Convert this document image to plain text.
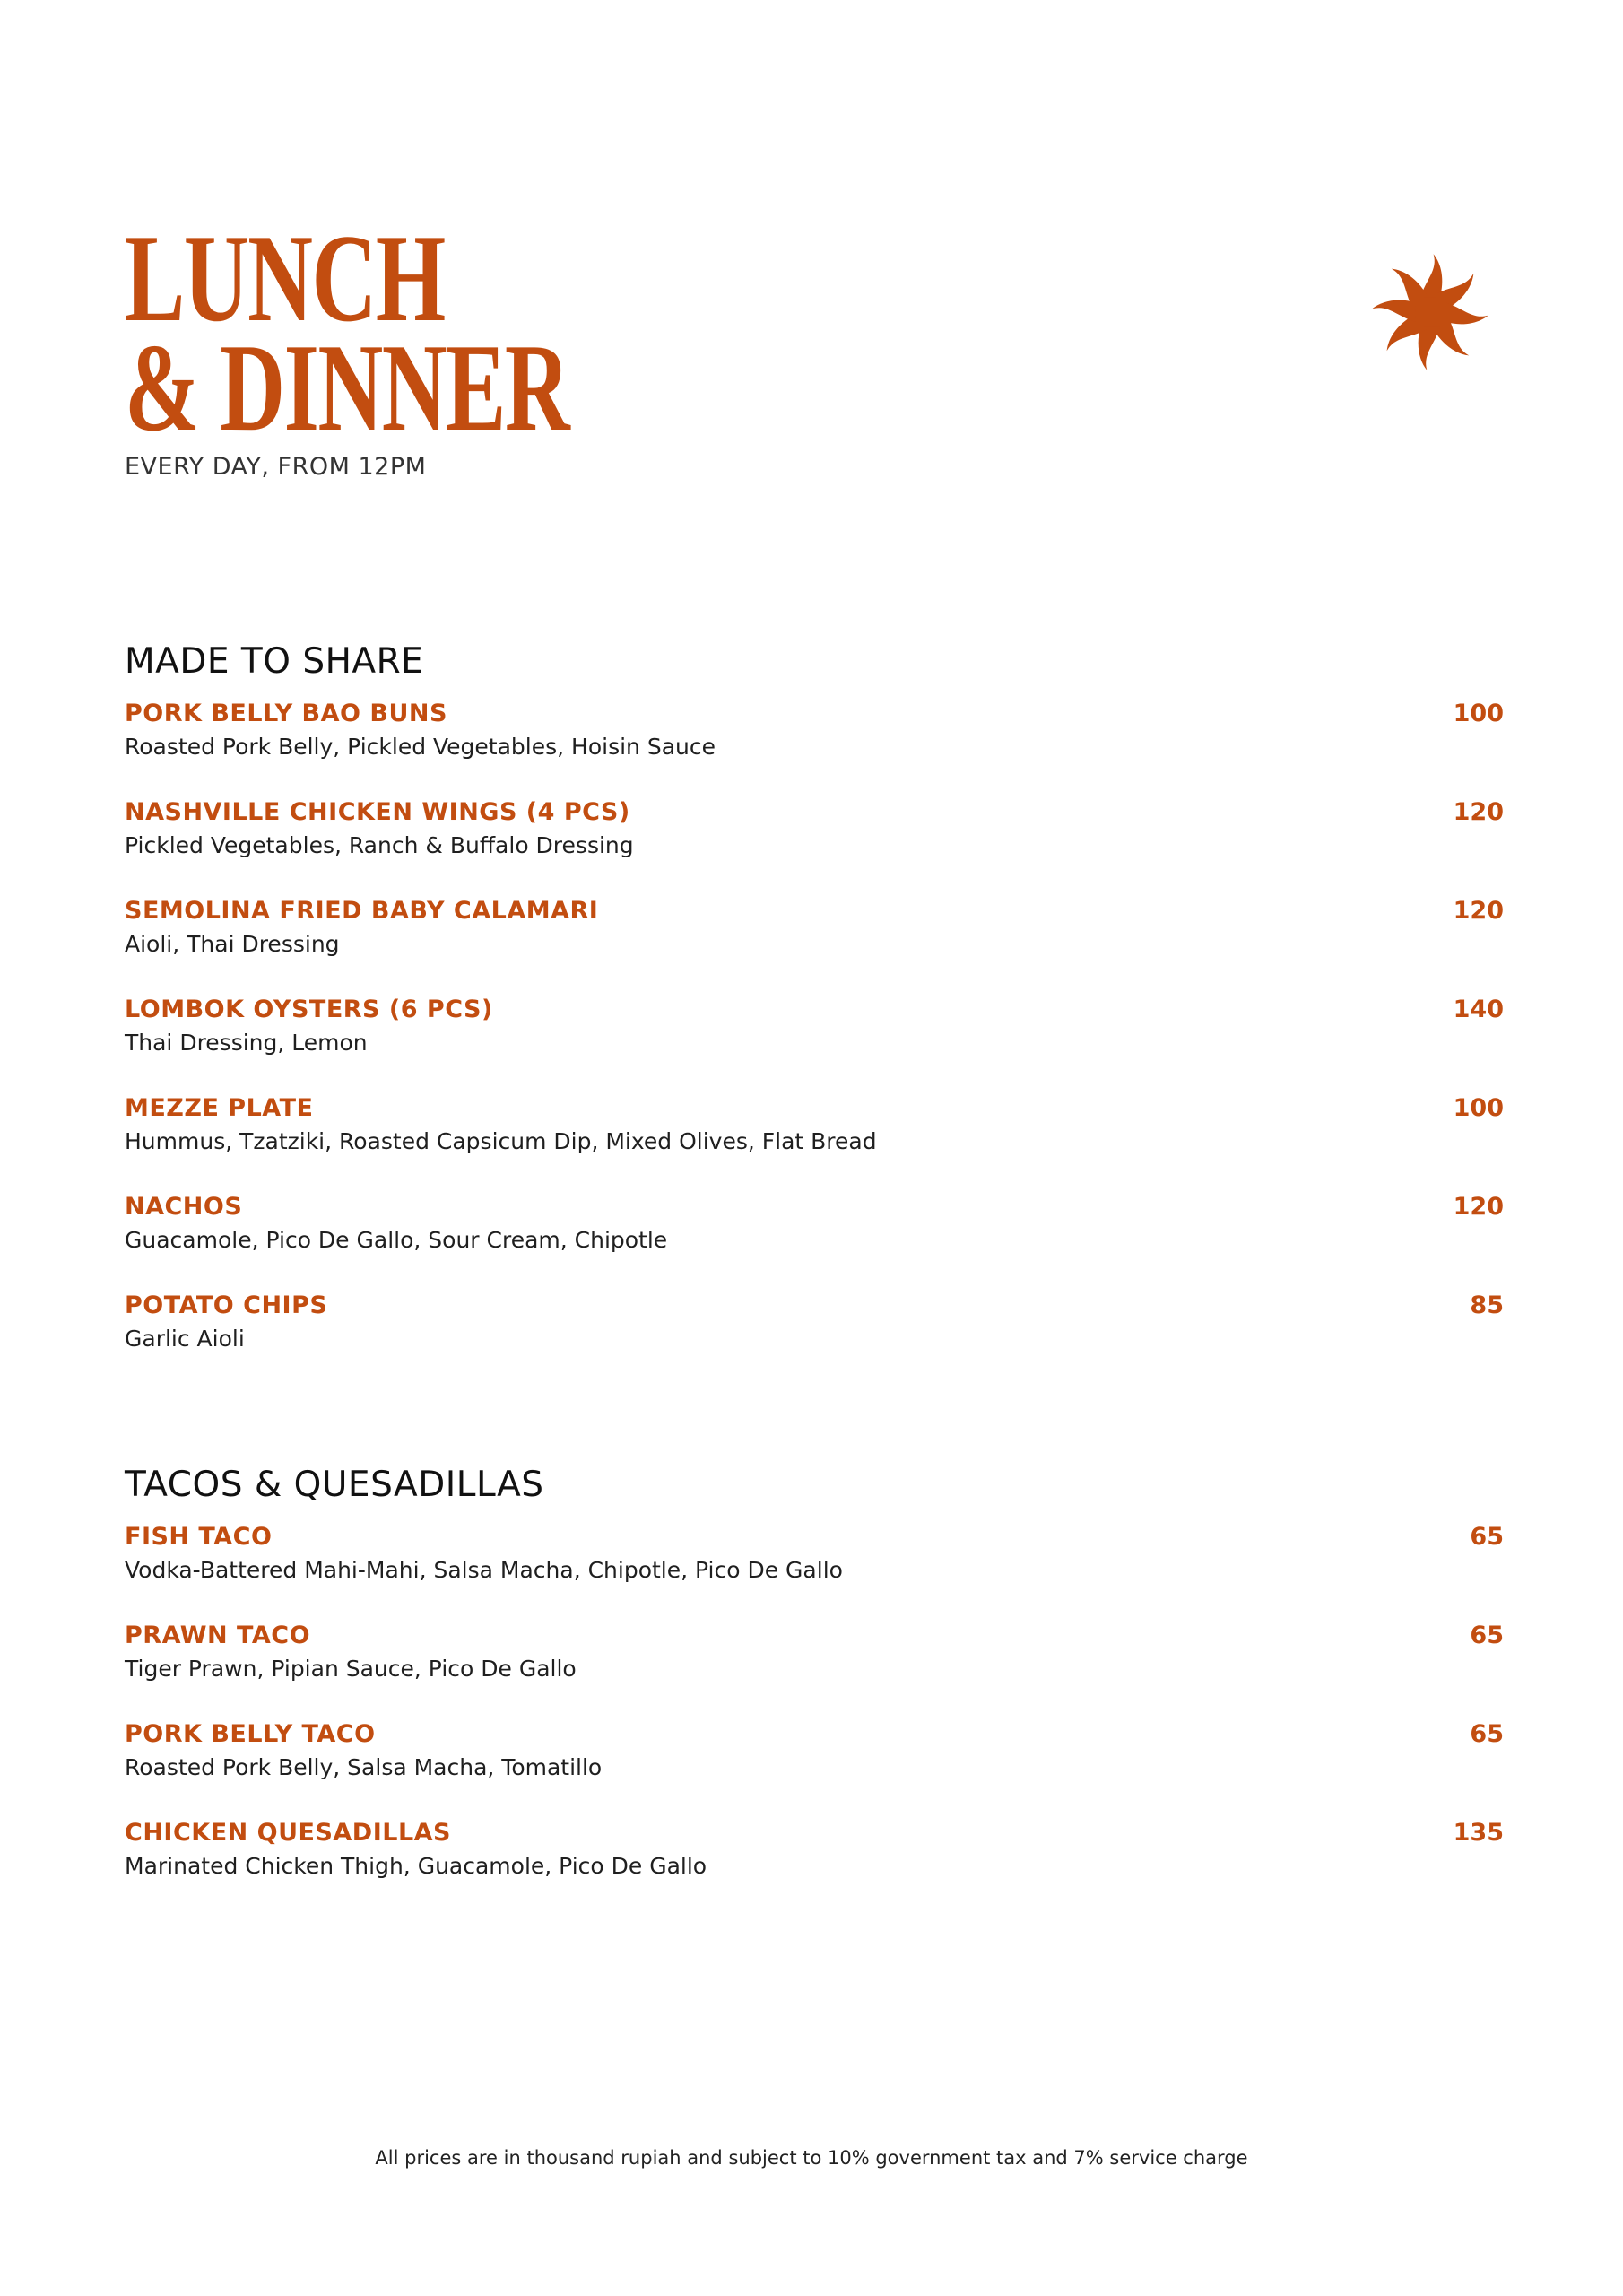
LUNCH
& DINNER
EVERY DAY, FROM 12PM
MADE TO SHARE
PORK BELLY BAO BUNS	100
Roasted Pork Belly, Pickled Vegetables, Hoisin Sauce
NASHVILLE CHICKEN WINGS (4 PCS)	120
Pickled Vegetables, Ranch & Buffalo Dressing
SEMOLINA FRIED BABY CALAMARI	120
Aioli, Thai Dressing
LOMBOK OYSTERS (6 PCS)	140
Thai Dressing, Lemon
MEZZE PLATE	100
Hummus, Tzatziki, Roasted Capsicum Dip, Mixed Olives, Flat Bread
NACHOS	120
Guacamole, Pico De Gallo, Sour Cream, Chipotle
POTATO CHIPS	85
Garlic Aioli
TACOS & QUESADILLAS
FISH TACO	65
Vodka-Battered Mahi-Mahi, Salsa Macha, Chipotle, Pico De Gallo
PRAWN TACO	65
Tiger Prawn, Pipian Sauce, Pico De Gallo
PORK BELLY TACO	65
Roasted Pork Belly, Salsa Macha, Tomatillo
CHICKEN QUESADILLAS	135
Marinated Chicken Thigh, Guacamole, Pico De Gallo
All prices are in thousand rupiah and subject to 10% government tax and 7% service charge
